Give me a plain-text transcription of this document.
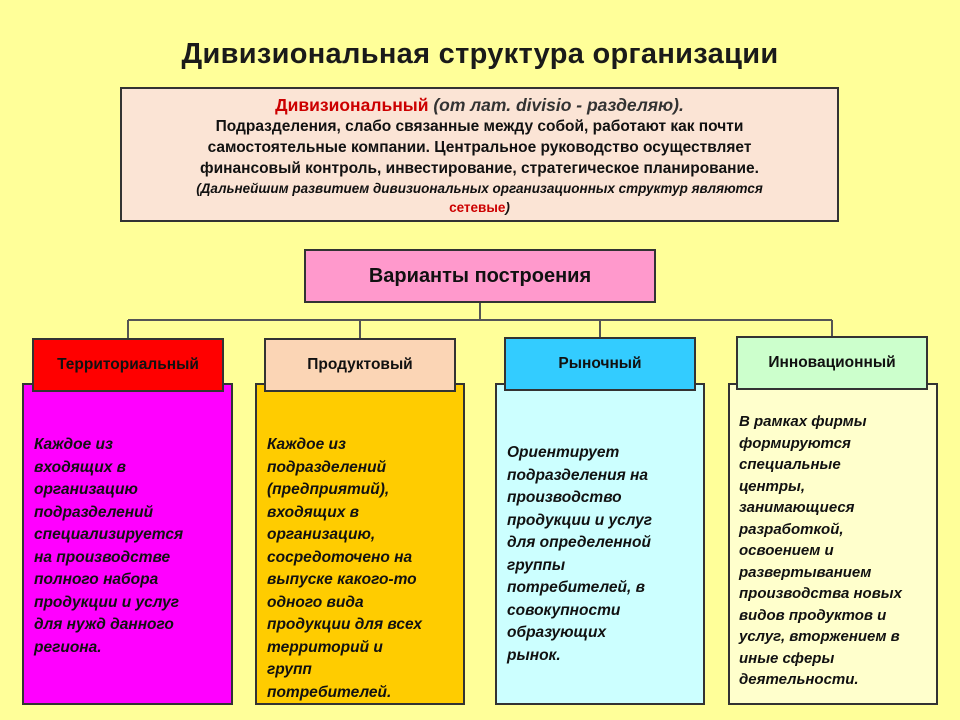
Дивизиональная структура организации
Дивизиональный (от лат. divisio - разделяю).
Подразделения, слабо связанные между собой, работают как почти
самостоятельные компании. Центральное руководство осуществляет
финансовый контроль, инвестирование, стратегическое планирование.
(Дальнейшим развитием дивизиональных организационных структур являются
сетевые)
Варианты построения
Территориальный
Каждое из
входящих в
организацию
подразделений
специализируется
на производстве
полного набора
продукции и услуг
для нужд данного
региона.
Продуктовый
Каждое из
подразделений
(предприятий),
входящих в
организацию,
сосредоточено на
выпуске какого-то
одного вида
продукции для всех
территорий и
групп
потребителей.
Рыночный
Ориентирует
подразделения на
производство
продукции и услуг
для определенной
группы
потребителей, в
совокупности
образующих
рынок.
Инновационный
В рамках фирмы
формируются
специальные
центры,
занимающиеся
разработкой,
освоением и
развертыванием
производства новых
видов продуктов и
услуг, вторжением в
иные сферы
деятельности.
